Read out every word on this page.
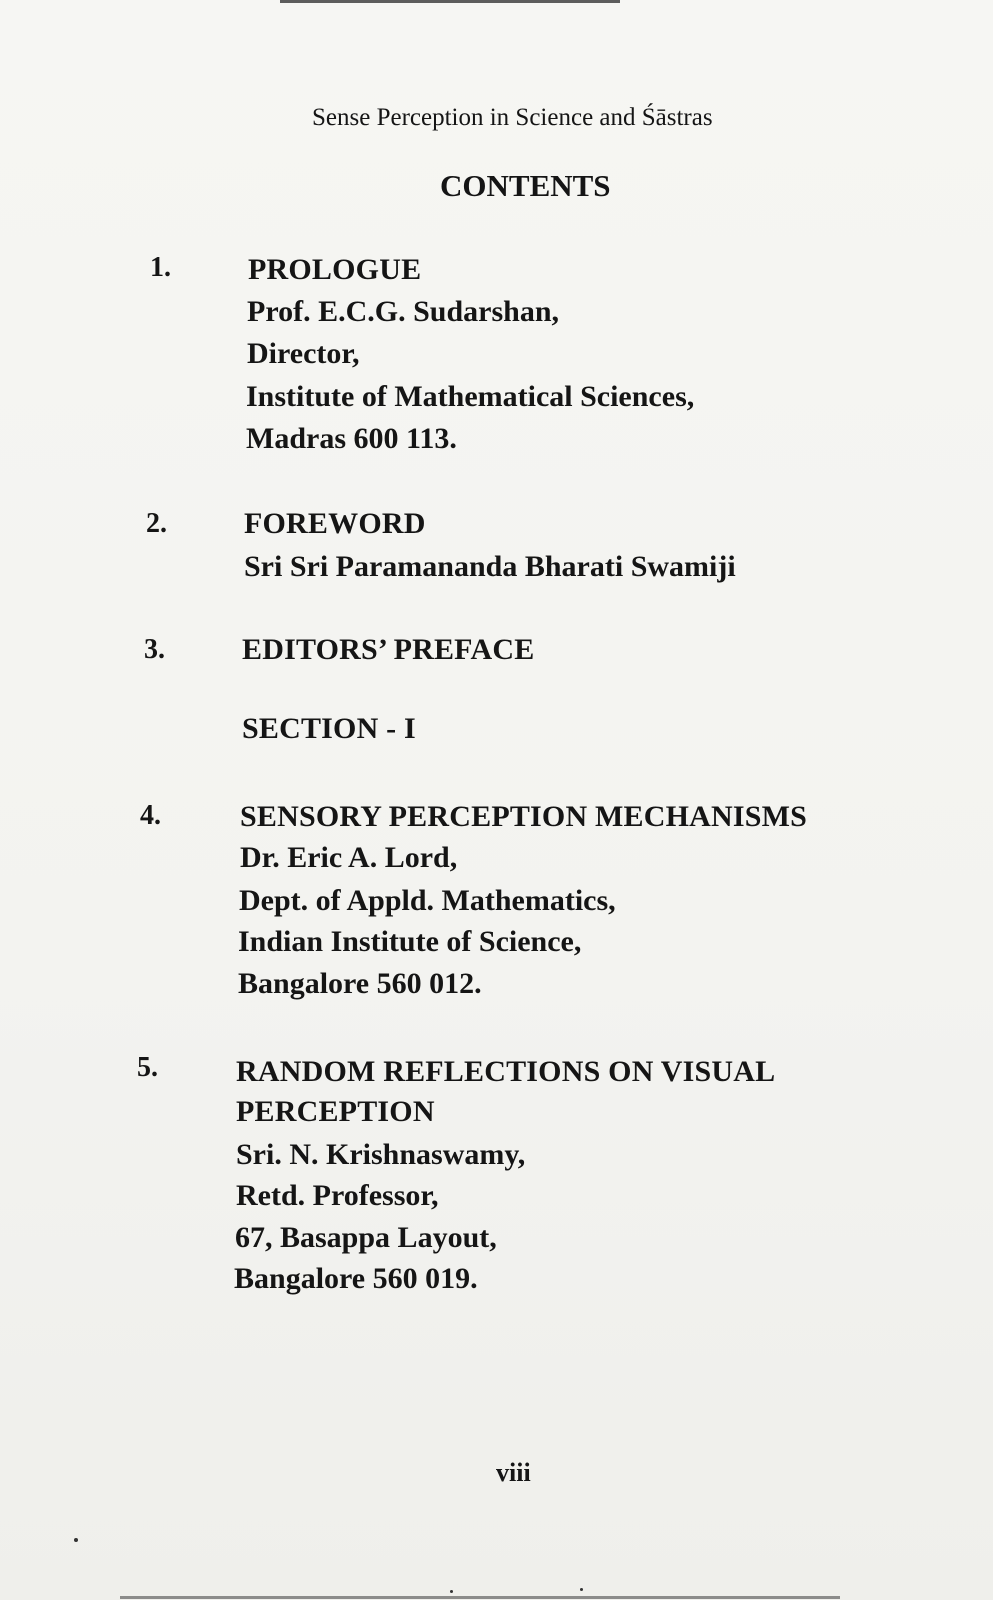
Sense Perception in Science and Śāstras
CONTENTS
1.	PROLOGUE
Prof. E.C.G. Sudarshan,
Director,
Institute of Mathematical Sciences,
Madras 600 113.
2.	FOREWORD
Sri Sri Paramananda Bharati Swamiji
3.	EDITORS’ PREFACE
SECTION - I
4.	SENSORY PERCEPTION MECHANISMS
Dr. Eric A. Lord,
Dept. of Appld. Mathematics,
Indian Institute of Science,
Bangalore 560 012.
5.	RANDOM REFLECTIONS ON VISUAL
PERCEPTION
Sri. N. Krishnaswamy,
Retd. Professor,
67, Basappa Layout,
Bangalore 560 019.
viii
